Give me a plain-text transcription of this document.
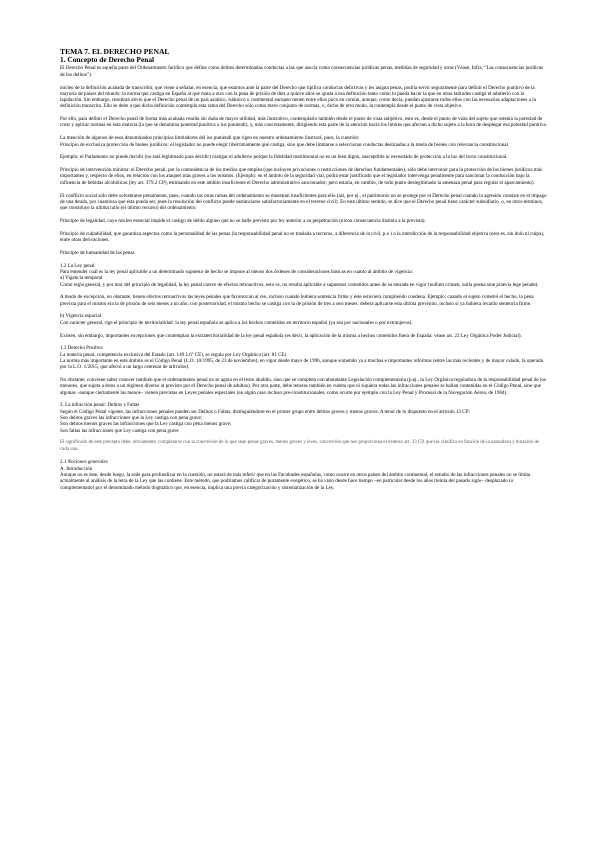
TEMA 7. EL DERECHO PENAL
1. Concepto de Derecho Penal

El Derecho Penal es aquella parte del Ordenamiento Jurídico que define como delitos determinadas conductas a las que asocia como consecuencias jurídicas penas, medidas de seguridad y otras (Véase, Infra, “Las consecuencias jurídicas de los delitos”).

núcleo de la definición acabada de transcribir, que viene a señalar, en esencia, que estamos ante la parte del Derecho que tipifica conductas delictivas y les asigna penas, podría servir seguramente para definir el Derecho punitivo de la mayoría de países del mundo: la norma que castiga en España al que mata a otro con la pena de prisión de diez a quince años se ajusta a esa definición tanto como lo pueda hacer la que en otras latitudes castiga el adulterio con la lapidación. Sin embargo, resultará obvio que el Derecho penal de un país asiático, islámico o continental europeo tienen entre ellos poco en común, aunque, como decía, puedan ajustarse todos ellos con las necesarias adaptaciones a la definición transcrita. Ello se debe a que dicha definición contempla esta rama del Derecho sólo como mero conjunto de normas, o, dicho de otro modo, la contempla desde el punto de vista objetivo.

Por ello, para definir el Derecho penal de forma más acabada resulta sin duda de mayor utilidad, más ilustrativo, contemplarlo también desde el punto de vista subjetivo, esto es, desde el punto de vista del sujeto que ostenta la potestad de crear y aplicar normas en esta materia (la que se denomina potestad punitiva o ius puniendi), y, más concretamente, dirigiendo esta parte de la atención hacia los límites que afectan a dicho sujeto a la hora de desplegar esa potestad punitiva.

La mención de algunos de esos denominados principios limitadores del ius puniendi que rigen en nuestro ordenamiento ilustrará, pues, la cuestión:

Principio de exclusiva protección de bienes jurídicos: el legislador no puede elegir libérrimamente qué castiga, sino que debe limitarse a seleccionar conductas destinadas a la tutela de bienes con relevancia constitucional.

Ejemplo: el Parlamento no puede decidir (no está legitimado para decidir) castigar el adulterio porque la fidelidad matrimonial no es un bien digno, susceptible ni necesitado de protección a la luz del texto constitucional.

Principio de intervención mínima: el Derecho penal, por la contundencia de los medios que emplea (que incluyen privaciones o restricciones de derechos fundamentales), sólo debe intervenir para la protección de los bienes jurídicos más importantes y, respecto de ellos, en relación con los ataques más graves a los mismos. (Ejemplo: en el ámbito de la seguridad vial, podrá estar justificado que el legislador intervenga penalmente para sancionar la conducción bajo la influencia de bebidas alcohólicas (ley art. 379.2 CP), estimando en este ámbito insuficiente el Derecho administrativo sancionador; pero estaría, en cambio, de todo punto deslegitimado la amenaza penal para regular el aparcamiento).

El conflicto social sólo debe solventarse penalmente, pues, cuando las otras ramas del ordenamiento se muestran insuficientes para ello (así, por ej., el patrimonio no se protege por el Derecho penal cuando la agresión consiste en el impago de una deuda, por cuantiosa que ésta pueda ser, pues la resolución del conflicto puede sustanciarse satisfactoriamente en el terreno civil). En este último sentido, se dice que el Derecho penal tiene carácter subsidiario, o, en otros términos, que constituye la ultima ratio (el último recurso) del ordenamiento.

Principio de legalidad, cuyo núcleo esencial impide el castigo de delito alguno que no se halle previsto por ley anterior a su perpetración (nicon consecuencia distinta a la prevista).

Principio de culpabilidad, que garantiza aspectos como la personalidad de las penas (la responsabilidad penal no se traslada a terceros, a diferencia de la civil, p.e.) o la interdicción de la responsabilidad objetiva (esto es, sin dolo ni culpa), entre otras derivaciones.

Principio de humanidad de las penas

1.2 La Ley penal

Para entender cuál es la ley penal aplicable a un determinado supuesto de hecho se impone al menos dos órdenes de consideraciones básicas en cuanto al ámbito de vigencia:

a) Vigencia temporal

Como regla general, y por mor del principio de legalidad, la ley penal carece de efectos retroactivos, esto es, no resulta aplicable a supuestos cometidos antes de su entrada en vigor (nullum crimen, nulla poena sine praevia lege penale).

A modo de excepción, no obstante, tienen efectos retroactivos las leyes penales que favorezcan al reo, incluso cuando hubiera sentencia firme y éste estuviera cumpliendo condena. Ejemplo: cuando el sujeto cometió el hecho, la pena prevista para el mismo era la de prisión de seis meses a un año; con posterioridad, el mismo hecho se castiga con la de prisión de tres a seis meses: deberá aplicarse esta última previsión, incluso si ya hubiera recaído sentencia firme.

b) Vigencia espacial

Con carácter general, rige el principio de territorialidad: la ley penal española se aplica a los hechos cometidos en territorio español (ya sea por nacionales o por extranjeros).

Existen, sin embargo, importantes excepciones que contemplan la extraterritorialidad de la ley penal española (es decir, la aplicación de la misma a hechos cometidos fuera de España: véase art. 23 Ley Orgánica Poder Judicial).

1.3 Derecho Positivo

La materia penal, competencia exclusiva del Estado (art. 149.1.6º CE), se regula por Ley Orgánica (art. 81 CE)

La norma más importante en este ámbito es el Código Penal (L.O. 10/1995, de 23 de noviembre), en vigor desde mayo de 1996, aunque sometido ya a muchas e importantes reformas (entre las más recientes y de mayor calado, la operada por la L.O. 1/2015, que afectó a un largo centenar de artículos).

No obstante, conviene saber conocer también que el ordenamiento penal no se agota en el texto aludido, sino que se completa con abundante Legislación complementaria (p.ej., la Ley Orgánica reguladora de la responsabilidad penal de los menores, que sujeta a éstos a un régimen diverso al previsto por el Derecho penal de adultos). Por otra parte, debe tenerse también en cuenta que ni siquiera todas las infracciones penales se hallan contenidas en el Código Penal, sino que algunas –aunque ciertamente las menos– vienen previstas en Leyes penales especiales (en algún caso incluso pre-constitucionales, como ocurre por ejemplo con la Ley Penal y Procesal de la Navegación Aérea, de 1964).

2. La infracción penal: Delitos y Faltas

Según el Código Penal vigente, las infracciones penales pueden ser Delitos o Faltas, distinguiéndose en el primer grupo entre delitos graves y menos graves. A tenor de lo dispuesto en el artículo 13 CP:

Son delitos graves las infracciones que la Ley castiga con pena grave;

Son delitos menos graves las infracciones que la Ley castiga con pena menos grave;

Son faltas las infracciones que Ley castiga con pena grave

El significado de este precepto debe, obviamente, completarse con la concreción de lo que sean penas graves, menos graves y leves, concreción que nos proporciona el extenso art. 33 CP, que las clasifica en función de la naturaleza y duración de cada una.

2.1 Nociones generales
A. Introducción

Aunque no es éste, desde luego, la sede para profundizar en la cuestión, no estará de más referir que en las Facultades españolas, como ocurre en otros países del ámbito continental, el estudio de las infracciones penales no se limita actualmente al análisis de la letra de la Ley que las contiene. Este método, que podríamos calificar de puramente exegético, se ha visto desde hace tiempo –en particular desde los años treinta del pasado siglo– desplazado (o complementado) por el denominado método dogmático que, en esencia, implica una previa categorización y sistematización de la Ley.
